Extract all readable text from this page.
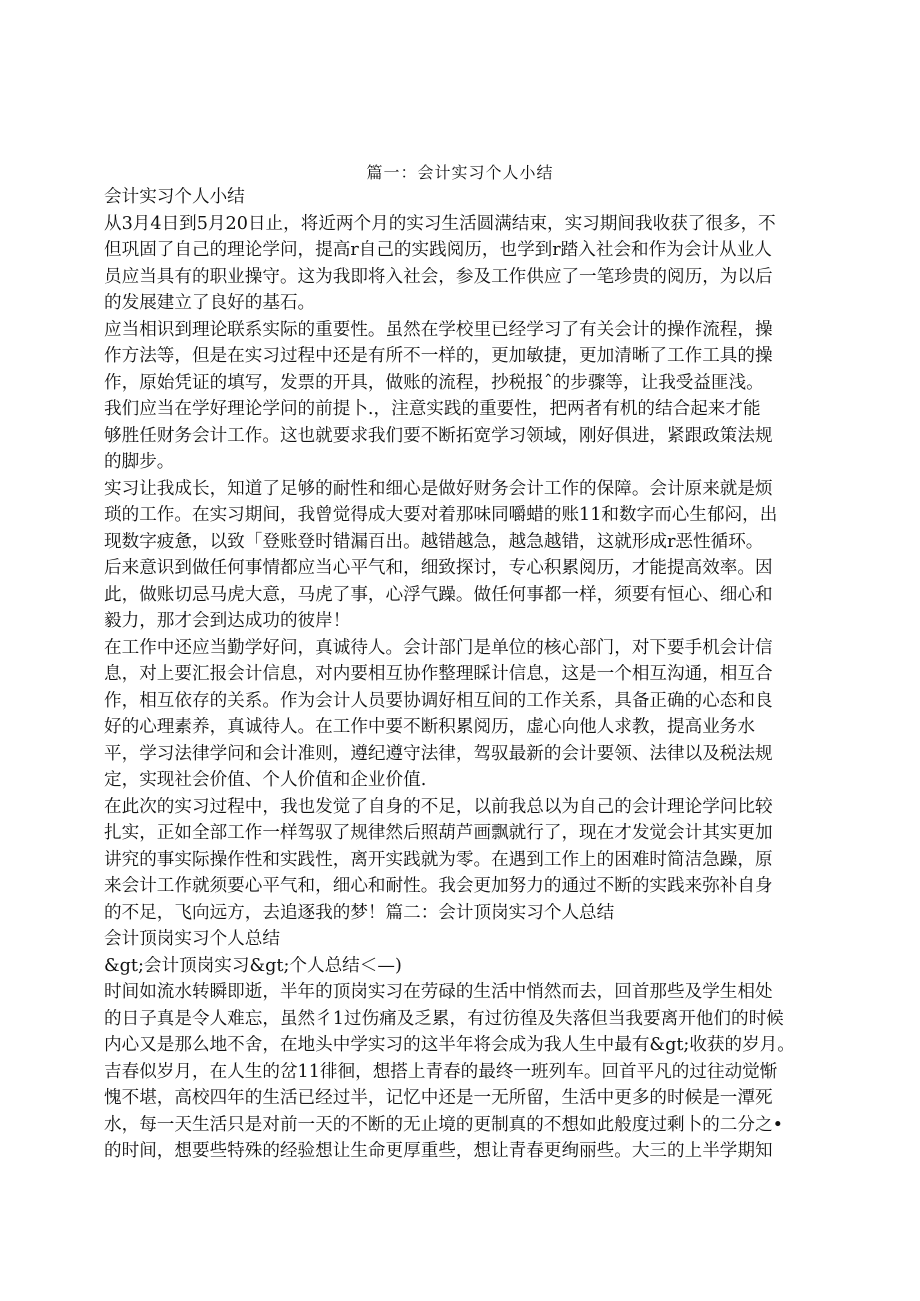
篇一：会计实习个人小结
会计实习个人小结
从3月4日到5月20日止，将近两个月的实习生活圆满结束，实习期间我收获了很多，不
但巩固了自己的理论学问，提高r自己的实践阅历，也学到r踏入社会和作为会计从业人
员应当具有的职业操守。这为我即将入社会，参及工作供应了一笔珍贵的阅历，为以后
的发展建立了良好的基石。
应当相识到理论联系实际的重要性。虽然在学校里已经学习了有关会计的操作流程，操
作方法等，但是在实习过程中还是有所不一样的，更加敏捷，更加清晰了工作工具的操
作，原始凭证的填写，发票的开具，做账的流程，抄税报ˆ的步骤等，让我受益匪浅。
我们应当在学好理论学问的前提卜.，注意实践的重要性，把两者有机的结合起来才能
够胜任财务会计工作。这也就要求我们要不断拓宽学习领域，刚好俱进，紧跟政策法规
的脚步。
实习让我成长，知道了足够的耐性和细心是做好财务会计工作的保障。会计原来就是烦
琐的工作。在实习期间，我曾觉得成大要对着那味同嚼蜡的账11和数字而心生郁闷，出
现数字疲惫，以致「登账登时错漏百出。越错越急，越急越错，这就形成r恶性循环。
后来意识到做任何事情都应当心平气和，细致探讨，专心积累阅历，才能提高效率。因
此，做账切忌马虎大意，马虎了事，心浮气躁。做任何事都一样，须要有恒心、细心和
毅力，那才会到达成功的彼岸！
在工作中还应当勤学好问，真诚待人。会计部门是单位的核心部门，对下要手机会计信
息，对上要汇报会计信息，对内要相互协作整理睬计信息，这是一个相互沟通，相互合
作，相互依存的关系。作为会计人员要协调好相互间的工作关系，具备正确的心态和良
好的心理素养，真诚待人。在工作中要不断积累阅历，虚心向他人求教，提高业务水
平，学习法律学问和会计准则，遵纪遵守法律，驾驭最新的会计要领、法律以及税法规
定，实现社会价值、个人价值和企业价值.
在此次的实习过程中，我也发觉了自身的不足，以前我总以为自己的会计理论学问比较
扎实，正如全部工作一样驾驭了规律然后照葫芦画飘就行了，现在才发觉会计其实更加
讲究的事实际操作性和实践性，离开实践就为零。在遇到工作上的困难时简洁急躁，原
来会计工作就须要心平气和，细心和耐性。我会更加努力的通过不断的实践来弥补自身
的不足，飞向远方，去追逐我的梦！篇二：会计顶岗实习个人总结
会计顶岗实习个人总结
&gt;会计顶岗实习&gt;个人总结＜—)
时间如流水转瞬即逝，半年的顶岗实习在劳碌的生活中悄然而去，回首那些及学生相处
的日子真是令人难忘，虽然彳1过伤痛及乏累，有过彷徨及失落但当我要离开他们的时候
内心又是那么地不舍，在地头中学实习的这半年将会成为我人生中最有&gt;收获的岁月。
吉春似岁月，在人生的岔11徘徊，想搭上青春的最终一班列车。回首平凡的过往动觉惭
愧不堪，高校四年的生活已经过半，记忆中还是一无所留，生活中更多的时候是一潭死
水，每一天生活只是对前一天的不断的无止境的更制真的不想如此般度过剩卜的二分之•
的时间，想要些特殊的经验想让生命更厚重些，想让青春更绚丽些。大三的上半学期知
